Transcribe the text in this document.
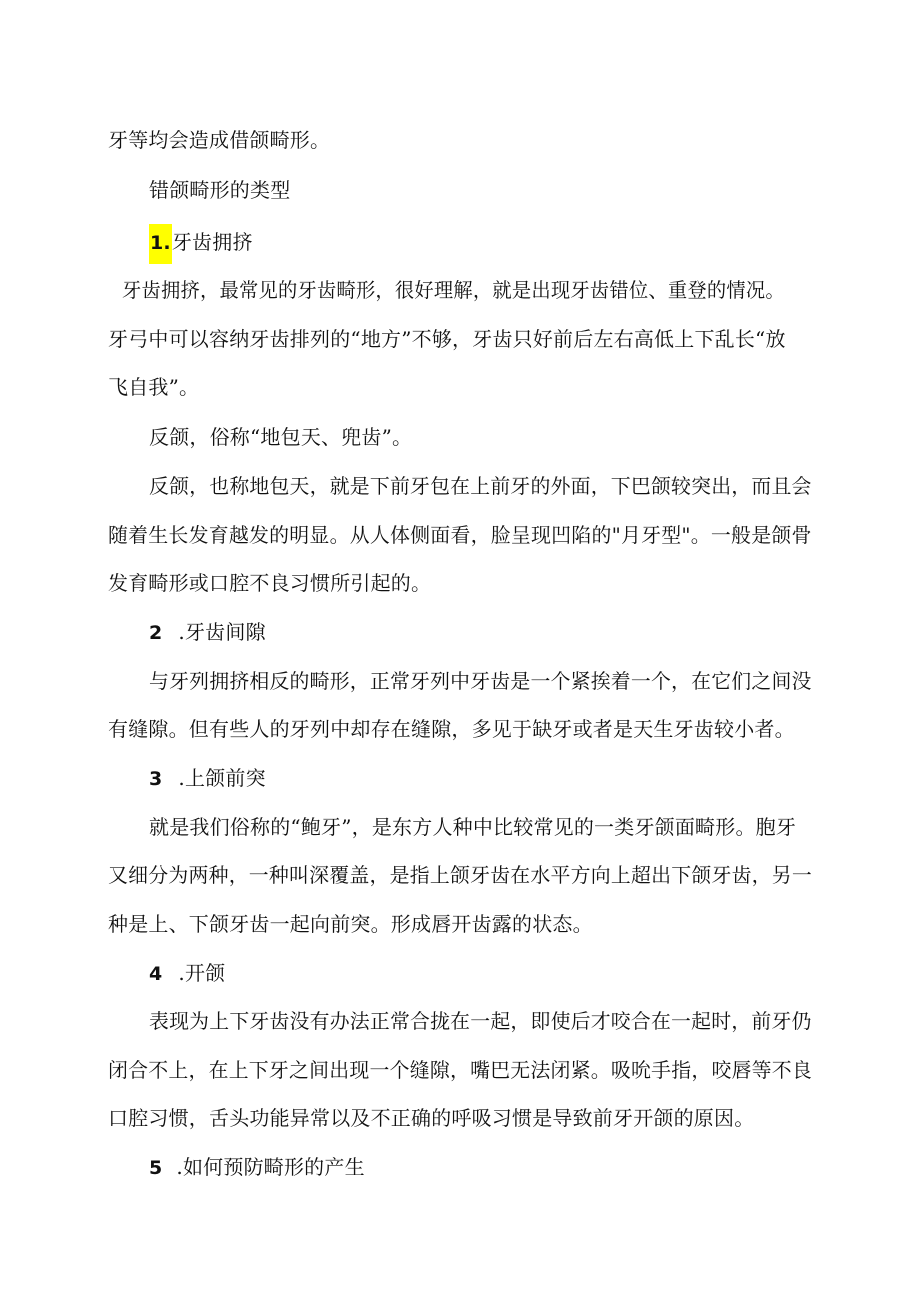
牙等均会造成借颌畸形。
错颌畸形的类型
1.牙齿拥挤
牙齿拥挤，最常见的牙齿畸形，很好理解，就是出现牙齿错位、重登的情况。
牙弓中可以容纳牙齿排列的“地方”不够，牙齿只好前后左右高低上下乱长“放
飞自我”。
反颌，俗称“地包天、兜齿”。
反颌，也称地包天，就是下前牙包在上前牙的外面，下巴颌较突出，而且会
随着生长发育越发的明显。从人体侧面看，脸呈现凹陷的"月牙型"。一般是颌骨
发育畸形或口腔不良习惯所引起的。
2 .牙齿间隙
与牙列拥挤相反的畸形，正常牙列中牙齿是一个紧挨着一个，在它们之间没
有缝隙。但有些人的牙列中却存在缝隙，多见于缺牙或者是天生牙齿较小者。
3 .上颌前突
就是我们俗称的“鲍牙”，是东方人种中比较常见的一类牙颌面畸形。胞牙
又细分为两种，一种叫深覆盖，是指上颌牙齿在水平方向上超出下颌牙齿，另一
种是上、下颌牙齿一起向前突。形成唇开齿露的状态。
4 .开颌
表现为上下牙齿没有办法正常合拢在一起，即使后才咬合在一起时，前牙仍
闭合不上，在上下牙之间出现一个缝隙，嘴巴无法闭紧。吸吮手指，咬唇等不良
口腔习惯，舌头功能异常以及不正确的呼吸习惯是导致前牙开颌的原因。
5 .如何预防畸形的产生
